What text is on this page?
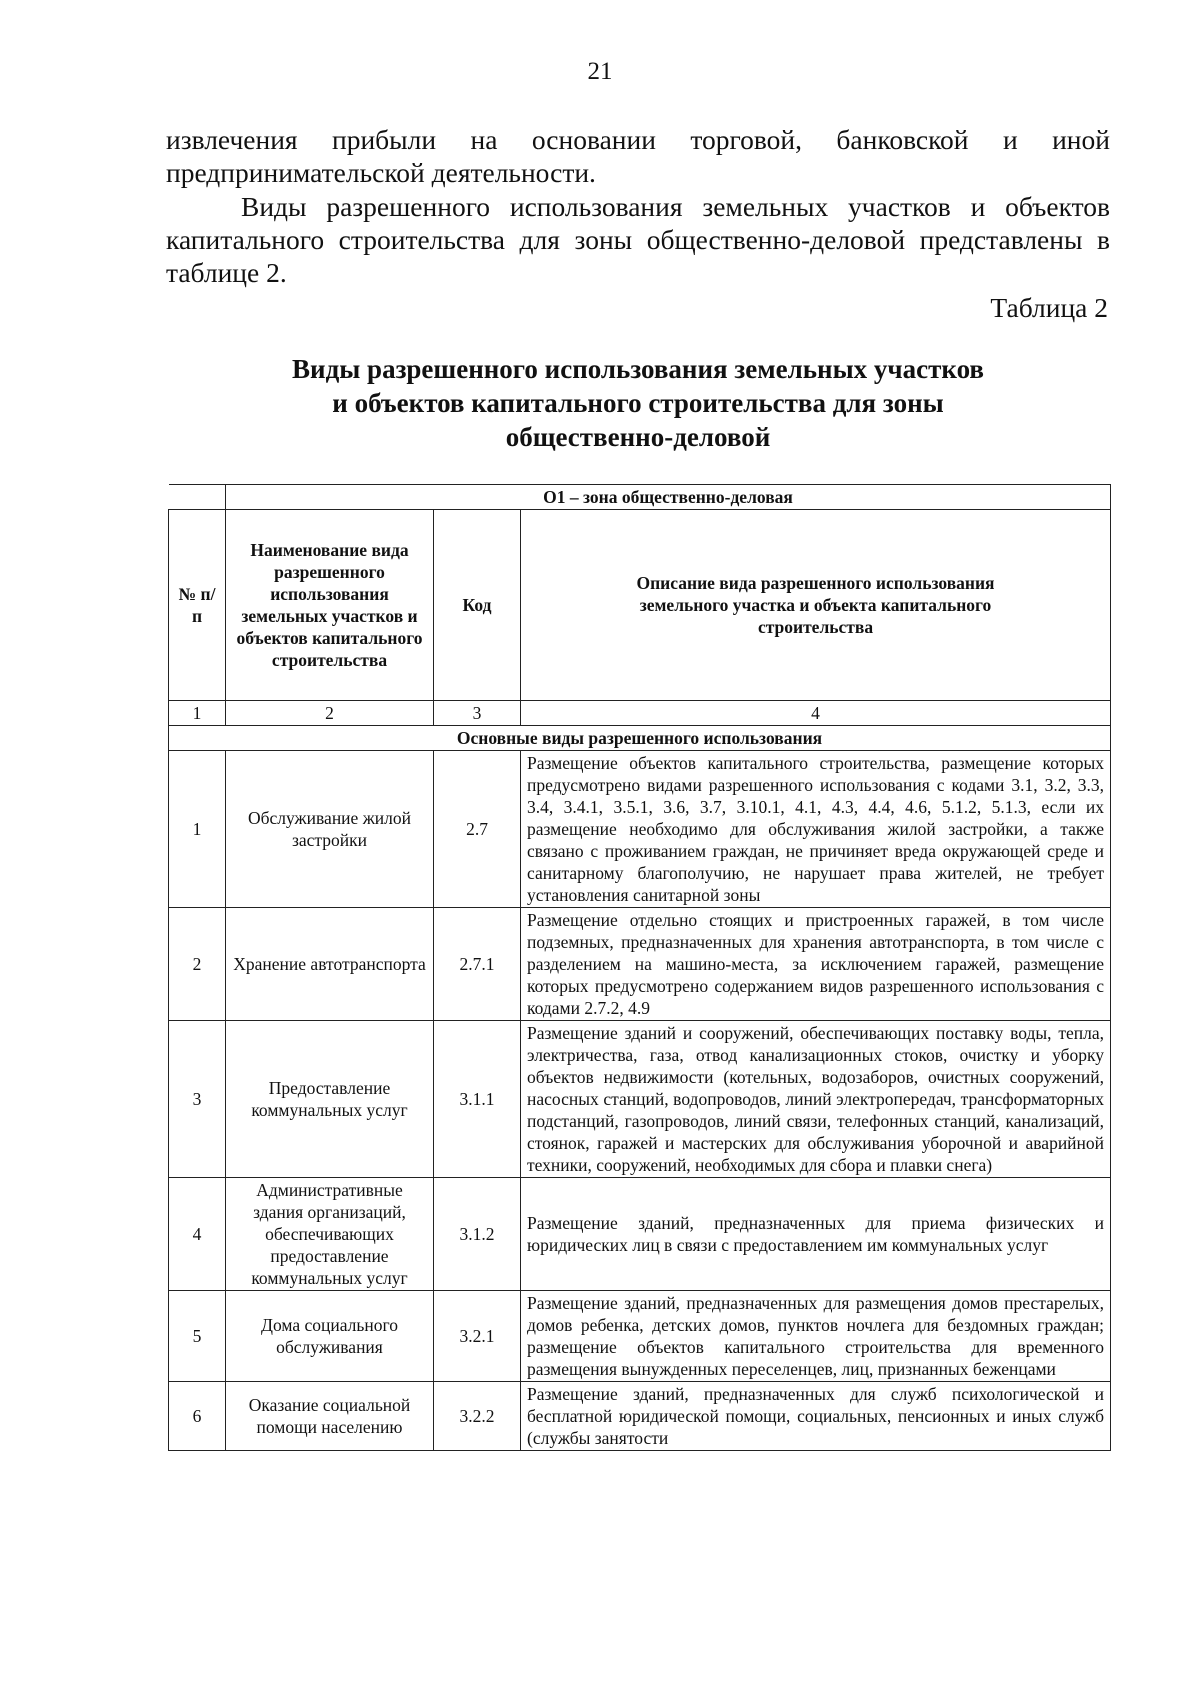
21
извлечения прибыли на основании торговой, банковской и иной предпринимательской деятельности.
Виды разрешенного использования земельных участков и объектов капитального строительства для зоны общественно-деловой представлены в таблице 2.
Таблица 2
Виды разрешенного использования земельных участков
и объектов капитального строительства для зоны
общественно-деловой
	О1 – зона общественно-деловая		
№ п/п	Наименование вида разрешенного использования земельных участков и объектов капитального строительства	Код	Описание вида разрешенного использования земельного участка и объекта капитального строительства
1	2	3	4
Основные виды разрешенного использования			
1	Обслуживание жилой застройки	2.7	Размещение объектов капитального строительства, размещение которых предусмотрено видами разрешенного использования с кодами 3.1, 3.2, 3.3, 3.4, 3.4.1, 3.5.1, 3.6, 3.7, 3.10.1, 4.1, 4.3, 4.4, 4.6, 5.1.2, 5.1.3, если их размещение необходимо для обслуживания жилой застройки, а также связано с проживанием граждан, не причиняет вреда окружающей среде и санитарному благополучию, не нарушает права жителей, не требует установления санитарной зоны
2	Хранение автотранспорта	2.7.1	Размещение отдельно стоящих и пристроенных гаражей, в том числе подземных, предназначенных для хранения автотранспорта, в том числе с разделением на машино-места, за исключением гаражей, размещение которых предусмотрено содержанием видов разрешенного использования с кодами 2.7.2, 4.9
3	Предоставление коммунальных услуг	3.1.1	Размещение зданий и сооружений, обеспечивающих поставку воды, тепла, электричества, газа, отвод канализационных стоков, очистку и уборку объектов недвижимости (котельных, водозаборов, очистных сооружений, насосных станций, водопроводов, линий электропередач, трансформаторных подстанций, газопроводов, линий связи, телефонных станций, канализаций, стоянок, гаражей и мастерских для обслуживания уборочной и аварийной техники, сооружений, необходимых для сбора и плавки снега)
4	Административные здания организаций, обеспечивающих предоставление коммунальных услуг	3.1.2	Размещение зданий, предназначенных для приема физических и юридических лиц в связи с предоставлением им коммунальных услуг
5	Дома социального обслуживания	3.2.1	Размещение зданий, предназначенных для размещения домов престарелых, домов ребенка, детских домов, пунктов ночлега для бездомных граждан; размещение объектов капитального строительства для временного размещения вынужденных переселенцев, лиц, признанных беженцами
6	Оказание социальной помощи населению	3.2.2	Размещение зданий, предназначенных для служб психологической и бесплатной юридической помощи, социальных, пенсионных и иных служб (службы занятости
